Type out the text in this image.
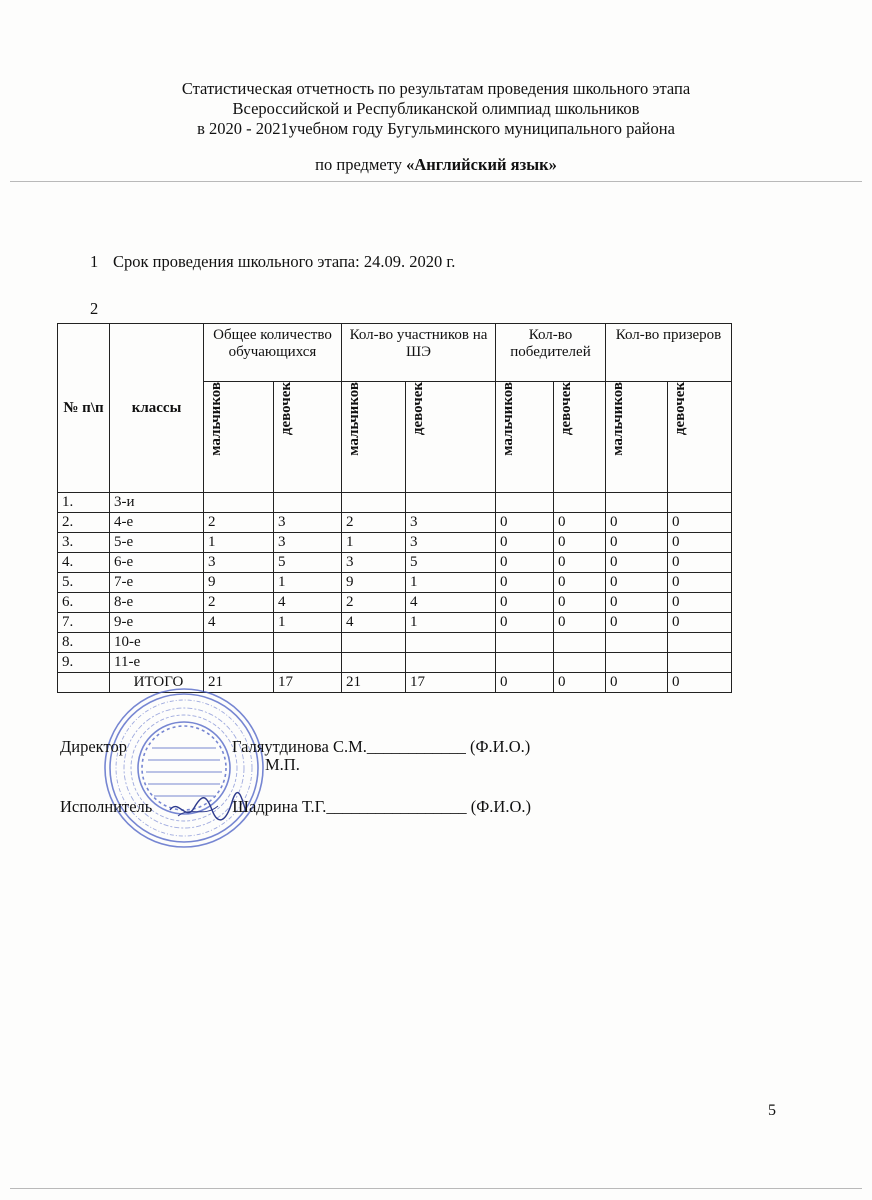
Статистическая отчетность по результатам проведения школьного этапа
Всероссийской и Республиканской олимпиад школьников
в 2020 - 2021учебном году Бугульминского муниципального района
по предмету «Английский язык»
1 Срок проведения школьного этапа: 24.09. 2020 г.
2
№ п\п	классы	Общее количество обучающихся		Кол-во участников на ШЭ		Кол-во победителей		Кол-во призеров	
		мальчиков	девочек	мальчиков	девочек	мальчиков	девочек	мальчиков	девочек
1.	3-и								
2.	4-е	2	3	2	3	0	0	0	0
3.	5-е	1	3	1	3	0	0	0	0
4.	6-е	3	5	3	5	0	0	0	0
5.	7-е	9	1	9	1	0	0	0	0
6.	8-е	2	4	2	4	0	0	0	0
7.	9-е	4	1	4	1	0	0	0	0
8.	10-е								
9.	11-е								
	ИТОГО	21	17	21	17	0	0	0	0
Директор	Галяутдинова С.М.____________ (Ф.И.О.)
М.П.
Исполнитель	Шадрина Т.Г._________________ (Ф.И.О.)
5
